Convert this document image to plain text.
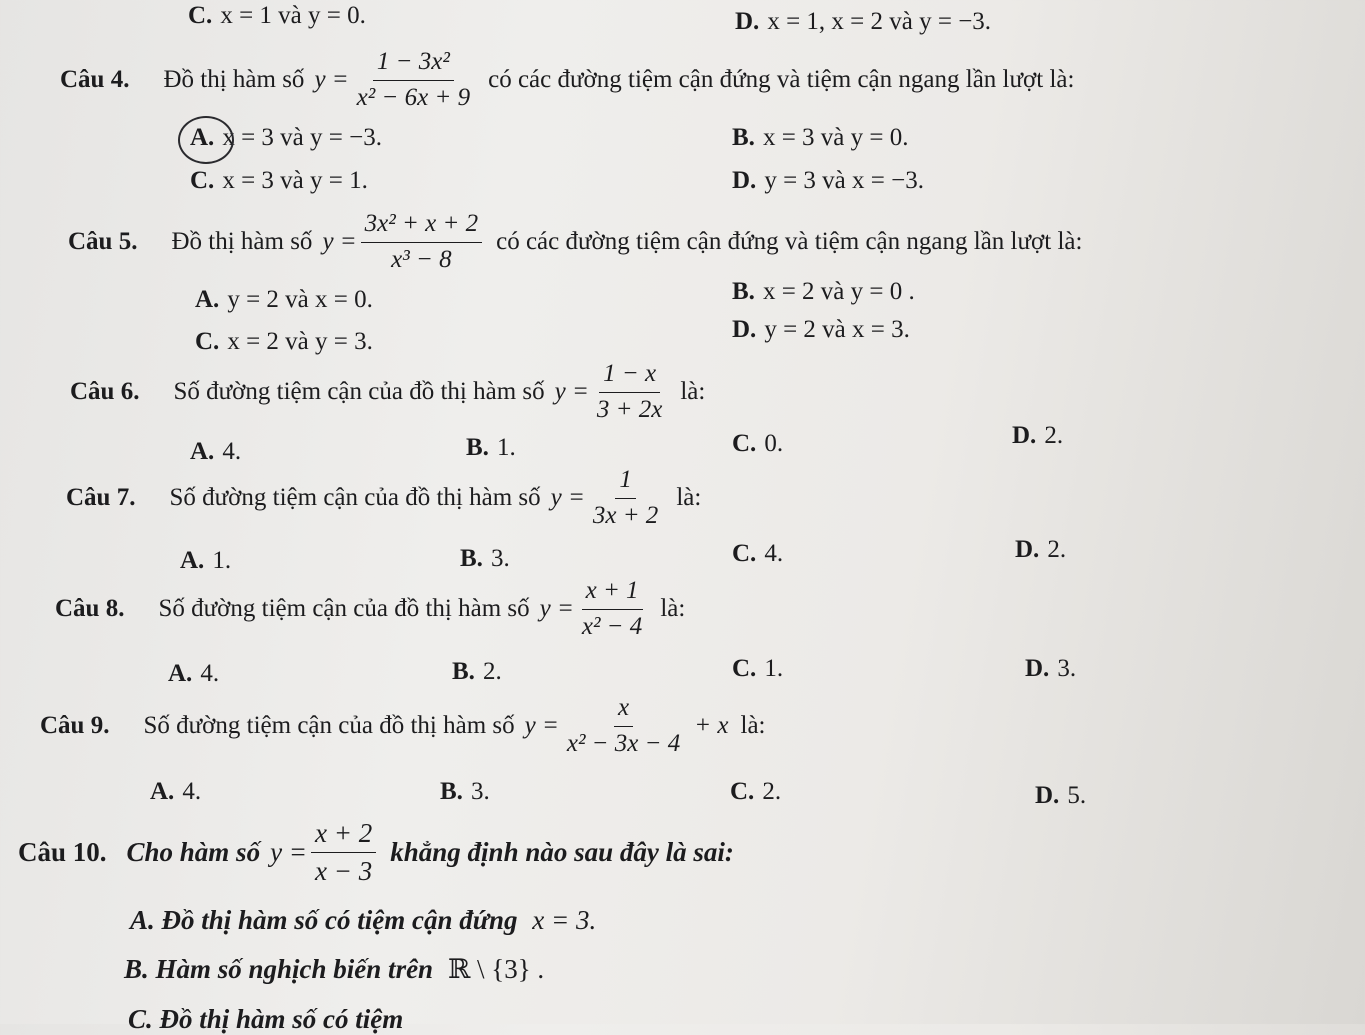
C. x = 1 và y = 0.	D. x = 1, x = 2 và y = −3.
Câu 4. Đồ thị hàm số $y = \frac{\text{1 − 3x²}}{\text{x² − 6x + 9}}$ có các đường tiệm cận đứng và tiệm cận ngang lần lượt là:
A. x = 3 và y = −3.	B. x = 3 và y = 0.
C. x = 3 và y = 1.	D. y = 3 và x = −3.
Câu 5. Đồ thị hàm số $y = \frac{\text{3x² + x + 2}}{\text{x³ − 8}}$ có các đường tiệm cận đứng và tiệm cận ngang lần lượt là:
A. y = 2 và x = 0.	B. x = 2 và y = 0 .
C. x = 2 và y = 3.	D. y = 2 và x = 3.
Câu 6. Số đường tiệm cận của đồ thị hàm số $y = \frac{1 - x}{3 + 2x}$ là:
A. 4.	B. 1.	C. 0.	D. 2.
Câu 7. Số đường tiệm cận của đồ thị hàm số $y = \frac{1}{3x + 2}$ là:
A. 1.	B. 3.	C. 4.	D. 2.
Câu 8. Số đường tiệm cận của đồ thị hàm số $y = \frac{x + 1}{\text{x² − 4}}$ là:
A. 4.	B. 2.	C. 1.	D. 3.
Câu 9. Số đường tiệm cận của đồ thị hàm số $y = \frac{x}{\text{x² − 3x − 4}} + x$ là:
A. 4.	B. 3.	C. 2.	D. 5.
Câu 10. Cho hàm số $y = \frac{x + 2}{x - 3}$ khẳng định nào sau đây là sai:
A. Đồ thị hàm số có tiệm cận đứng x = 3.
B. Hàm số nghịch biến trên ℝ \ {3} .
C. Đồ thị hàm số có tiệm
